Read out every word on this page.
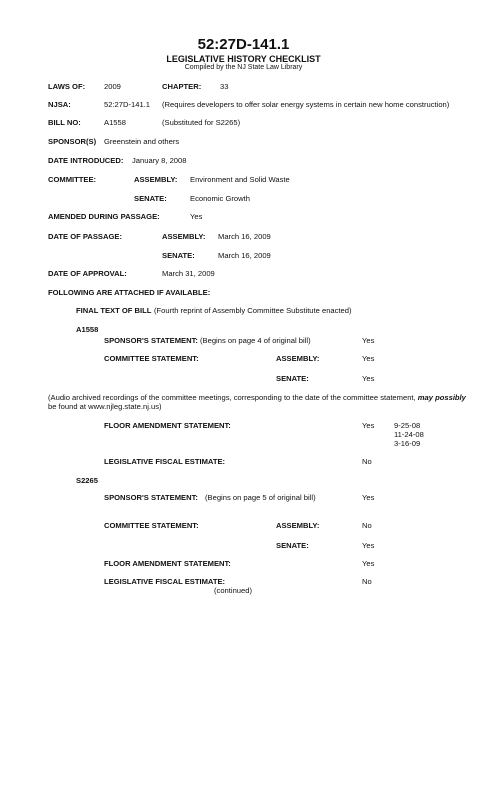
52:27D-141.1
LEGISLATIVE HISTORY CHECKLIST
Compiled by the NJ State Law Library
LAWS OF: 2009	CHAPTER: 33
NJSA:	52:27D-141.1 (Requires developers to offer solar energy systems in certain new home construction)
BILL NO:	A1558	(Substituted for S2265)
SPONSOR(S) Greenstein and others
DATE INTRODUCED: January 8, 2008
COMMITTEE:	ASSEMBLY: Environment and Solid Waste
SENATE:	Economic Growth
AMENDED DURING PASSAGE:	Yes
DATE OF PASSAGE:	ASSEMBLY: March 16, 2009
SENATE:	March 16, 2009
DATE OF APPROVAL:	March 31, 2009
FOLLOWING ARE ATTACHED IF AVAILABLE:
FINAL TEXT OF BILL (Fourth reprint of Assembly Committee Substitute enacted)
A1558
SPONSOR'S STATEMENT: (Begins on page 4 of original bill)	Yes
COMMITTEE STATEMENT:	ASSEMBLY:	Yes
SENATE:	Yes
(Audio archived recordings of the committee meetings, corresponding to the date of the committee statement, may possibly
be found at www.njleg.state.nj.us)
FLOOR AMENDMENT STATEMENT:	Yes	9-25-08
11-24-08
3-16-09
LEGISLATIVE FISCAL ESTIMATE:	No
S2265
SPONSOR'S STATEMENT: (Begins on page 5 of original bill)	Yes
COMMITTEE STATEMENT:	ASSEMBLY:	No
SENATE:	Yes
FLOOR AMENDMENT STATEMENT:	Yes
LEGISLATIVE FISCAL ESTIMATE:	No
(continued)
